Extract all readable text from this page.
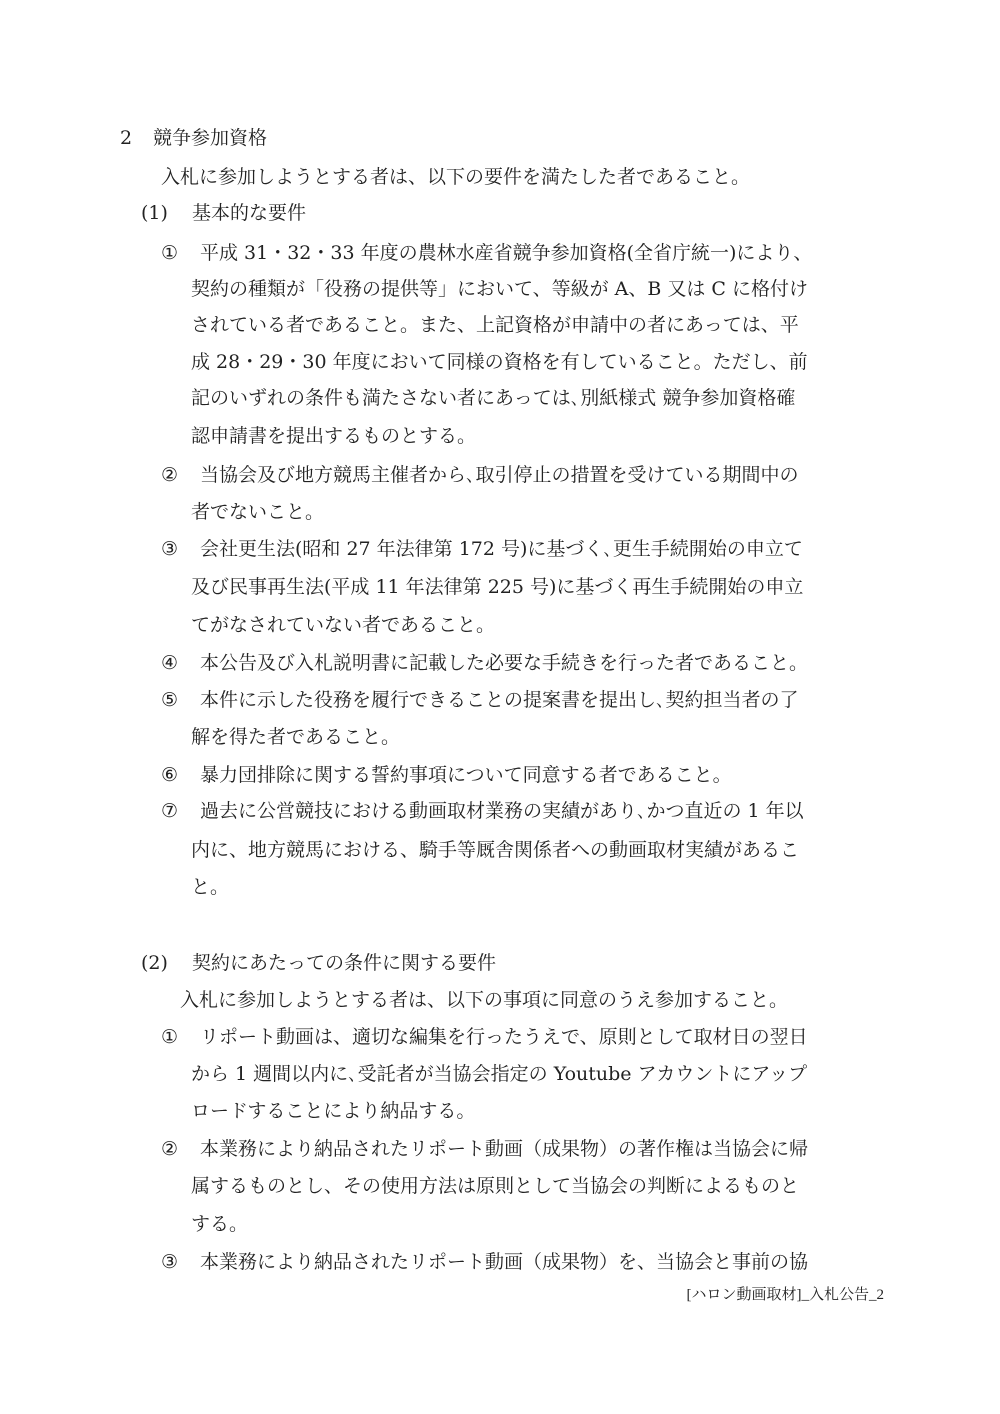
2 競争参加資格
入札に参加しようとする者は、以下の要件を満たした者であること。
(1) 基本的な要件
① 平成 31・32・33 年度の農林水産省競争参加資格(全省庁統一)により、
契約の種類が「役務の提供等」において、等級が A、B 又は C に格付け
されている者であること。また、上記資格が申請中の者にあっては、平
成 28・29・30 年度において同様の資格を有していること。ただし、前
記のいずれの条件も満たさない者にあっては､別紙様式 競争参加資格確
認申請書を提出するものとする。
② 当協会及び地方競馬主催者から､取引停止の措置を受けている期間中の
者でないこと。
③ 会社更生法(昭和 27 年法律第 172 号)に基づく､更生手続開始の申立て
及び民事再生法(平成 11 年法律第 225 号)に基づく再生手続開始の申立
てがなされていない者であること。
④ 本公告及び入札説明書に記載した必要な手続きを行った者であること。
⑤ 本件に示した役務を履行できることの提案書を提出し､契約担当者の了
解を得た者であること。
⑥ 暴力団排除に関する誓約事項について同意する者であること。
⑦ 過去に公営競技における動画取材業務の実績があり､かつ直近の 1 年以
内に、地方競馬における、騎手等厩舎関係者への動画取材実績があるこ
と。
(2) 契約にあたっての条件に関する要件
入札に参加しようとする者は、以下の事項に同意のうえ参加すること。
① リポート動画は、適切な編集を行ったうえで、原則として取材日の翌日
から 1 週間以内に､受託者が当協会指定の Youtube アカウントにアップ
ロードすることにより納品する。
② 本業務により納品されたリポート動画（成果物）の著作権は当協会に帰
属するものとし、その使用方法は原則として当協会の判断によるものと
する。
③ 本業務により納品されたリポート動画（成果物）を、当協会と事前の協
[ハロン動画取材]_入札公告_2
